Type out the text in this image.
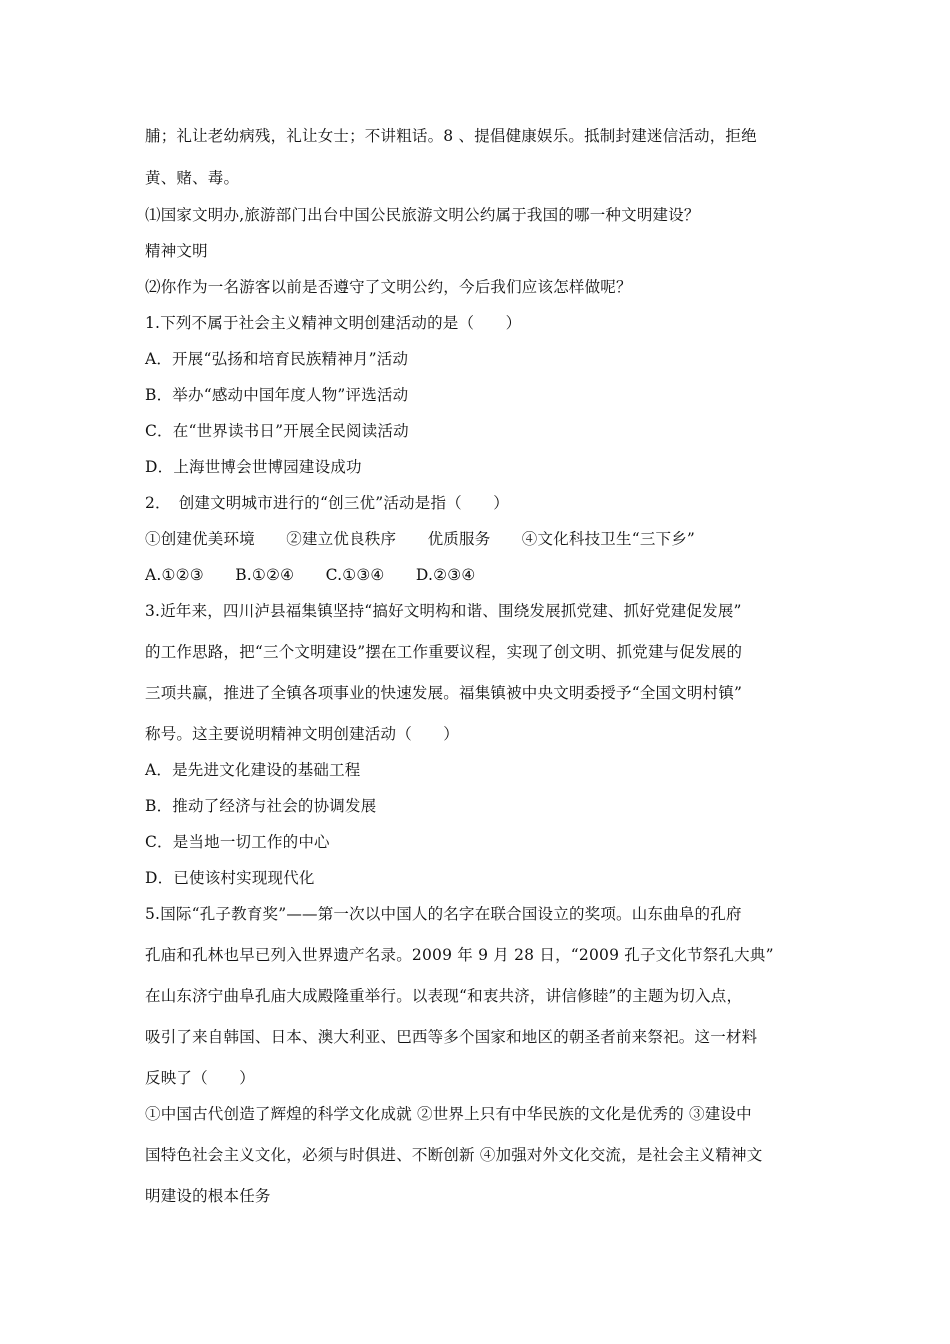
脯；礼让老幼病残，礼让女士；不讲粗话。8 、提倡健康娱乐。抵制封建迷信活动，拒绝
黄、赌、毒。
⑴国家文明办,旅游部门出台中国公民旅游文明公约属于我国的哪一种文明建设？
精神文明
⑵你作为一名游客以前是否遵守了文明公约，今后我们应该怎样做呢？
1.下列不属于社会主义精神文明创建活动的是（　　）
A．开展“弘扬和培育民族精神月”活动
B．举办“感动中国年度人物”评选活动
C．在“世界读书日”开展全民阅读活动
D．上海世博会世博园建设成功
2．　创建文明城市进行的“创三优”活动是指（　　）
①创建优美环境　　②建立优良秩序　　优质服务　　④文化科技卫生“三下乡”
A.①②③　　B.①②④　　C.①③④　　D.②③④
3.近年来，四川泸县福集镇坚持“搞好文明构和谐、围绕发展抓党建、抓好党建促发展”
的工作思路，把“三个文明建设”摆在工作重要议程，实现了创文明、抓党建与促发展的
三项共赢，推进了全镇各项事业的快速发展。福集镇被中央文明委授予“全国文明村镇”
称号。这主要说明精神文明创建活动（　　）
A．是先进文化建设的基础工程
B．推动了经济与社会的协调发展
C．是当地一切工作的中心
D．已使该村实现现代化
5.国际“孔子教育奖”——第一次以中国人的名字在联合国设立的奖项。山东曲阜的孔府
孔庙和孔林也早已列入世界遗产名录。2009 年 9 月 28 日，“2009 孔子文化节祭孔大典”
在山东济宁曲阜孔庙大成殿隆重举行。以表现“和衷共济，讲信修睦”的主题为切入点，
吸引了来自韩国、日本、澳大利亚、巴西等多个国家和地区的朝圣者前来祭祀。这一材料
反映了（　　）
①中国古代创造了辉煌的科学文化成就 ②世界上只有中华民族的文化是优秀的 ③建设中
国特色社会主义文化，必须与时俱进、不断创新 ④加强对外文化交流，是社会主义精神文
明建设的根本任务
